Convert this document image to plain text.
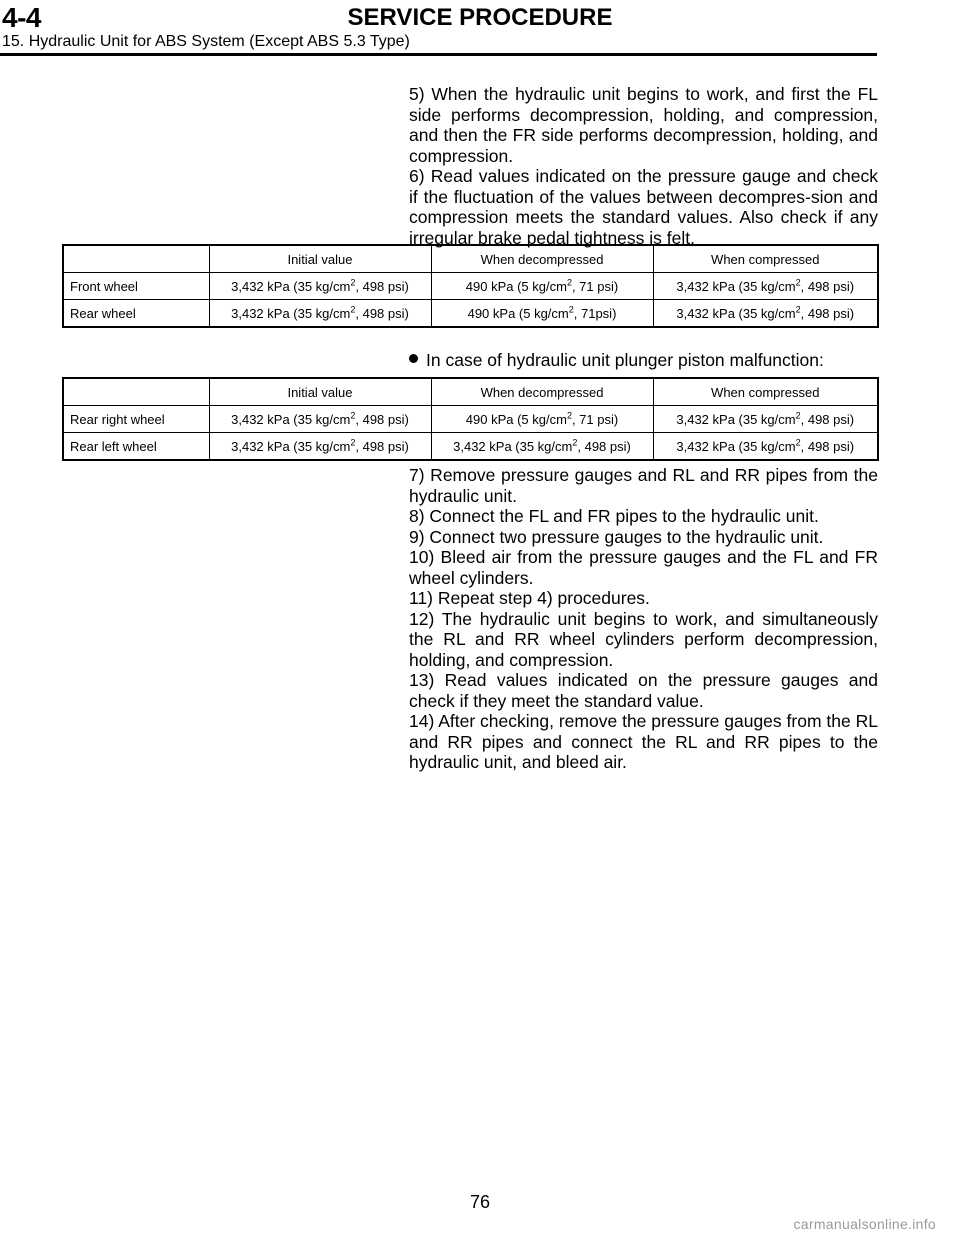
4-4	SERVICE PROCEDURE
15. Hydraulic Unit for ABS System (Except ABS 5.3 Type)

5) When the hydraulic unit begins to work, and first the FL side performs decompression, holding, and compression, and then the FR side performs decompression, holding, and compression.

6) Read values indicated on the pressure gauge and check if the fluctuation of the values between decompres-sion and compression meets the standard values. Also check if any irregular brake pedal tightness is felt.

	Initial value	When decompressed	When compressed
Front wheel	3,432 kPa (35 $kg/cm^2$, 498 psi)	490 kPa (5 $kg/cm^2$, 71 psi)	3,432 kPa (35 $kg/cm^2$, 498 psi)
Rear wheel	3,432 kPa (35 $kg/cm^2$, 498 psi)	490 kPa (5 $kg/cm^2$, 71psi)	3,432 kPa (35 $kg/cm^2$, 498 psi)
In case of hydraulic unit plunger piston malfunction:
	Initial value	When decompressed	When compressed
Rear right wheel	3,432 kPa (35 $kg/cm^2$, 498 psi)	490 kPa (5 $kg/cm^2$, 71 psi)	3,432 kPa (35 $kg/cm^2$, 498 psi)
Rear left wheel	3,432 kPa (35 $kg/cm^2$, 498 psi)	3,432 kPa (35 $kg/cm^2$, 498 psi)	3,432 kPa (35 $kg/cm^2$, 498 psi)

7) Remove pressure gauges and RL and RR pipes from the hydraulic unit.

8) Connect the FL and FR pipes to the hydraulic unit.

9) Connect two pressure gauges to the hydraulic unit.

10) Bleed air from the pressure gauges and the FL and FR wheel cylinders.

11) Repeat step 4) procedures.

12) The hydraulic unit begins to work, and simultaneously the RL and RR wheel cylinders perform decompression, holding, and compression.

13) Read values indicated on the pressure gauges and check if they meet the standard value.

14) After checking, remove the pressure gauges from the RL and RR pipes and connect the RL and RR pipes to the hydraulic unit, and bleed air.

76
carmanualsonline.info
